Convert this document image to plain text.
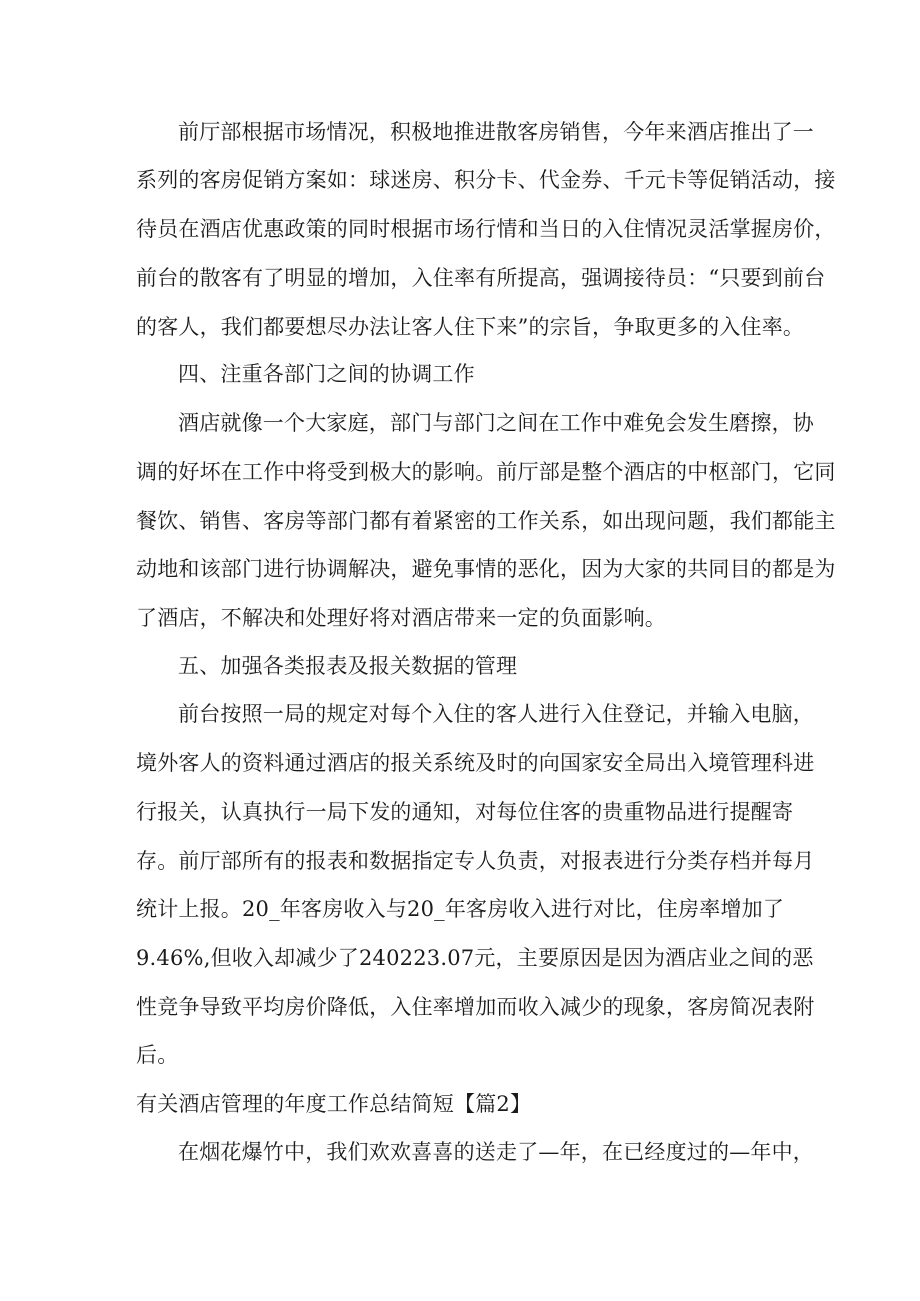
前厅部根据市场情况，积极地推进散客房销售，今年来酒店推出了一
系列的客房促销方案如：球迷房、积分卡、代金券、千元卡等促销活动，接
待员在酒店优惠政策的同时根据市场行情和当日的入住情况灵活掌握房价，
前台的散客有了明显的增加，入住率有所提高，强调接待员：“只要到前台
的客人，我们都要想尽办法让客人住下来”的宗旨，争取更多的入住率。
四、注重各部门之间的协调工作
酒店就像一个大家庭，部门与部门之间在工作中难免会发生磨擦，协
调的好坏在工作中将受到极大的影响。前厅部是整个酒店的中枢部门，它同
餐饮、销售、客房等部门都有着紧密的工作关系，如出现问题，我们都能主
动地和该部门进行协调解决，避免事情的恶化，因为大家的共同目的都是为
了酒店，不解决和处理好将对酒店带来一定的负面影响。
五、加强各类报表及报关数据的管理
前台按照一局的规定对每个入住的客人进行入住登记，并输入电脑，
境外客人的资料通过酒店的报关系统及时的向国家安全局出入境管理科进
行报关，认真执行一局下发的通知，对每位住客的贵重物品进行提醒寄
存。前厅部所有的报表和数据指定专人负责，对报表进行分类存档并每月
统计上报。20_年客房收入与20_年客房收入进行对比，住房率增加了
9.46%,但收入却减少了240223.07元，主要原因是因为酒店业之间的恶
性竞争导致平均房价降低，入住率增加而收入减少的现象，客房简况表附
后。
有关酒店管理的年度工作总结简短【篇2】
在烟花爆竹中，我们欢欢喜喜的送走了—年，在已经度过的—年中，
